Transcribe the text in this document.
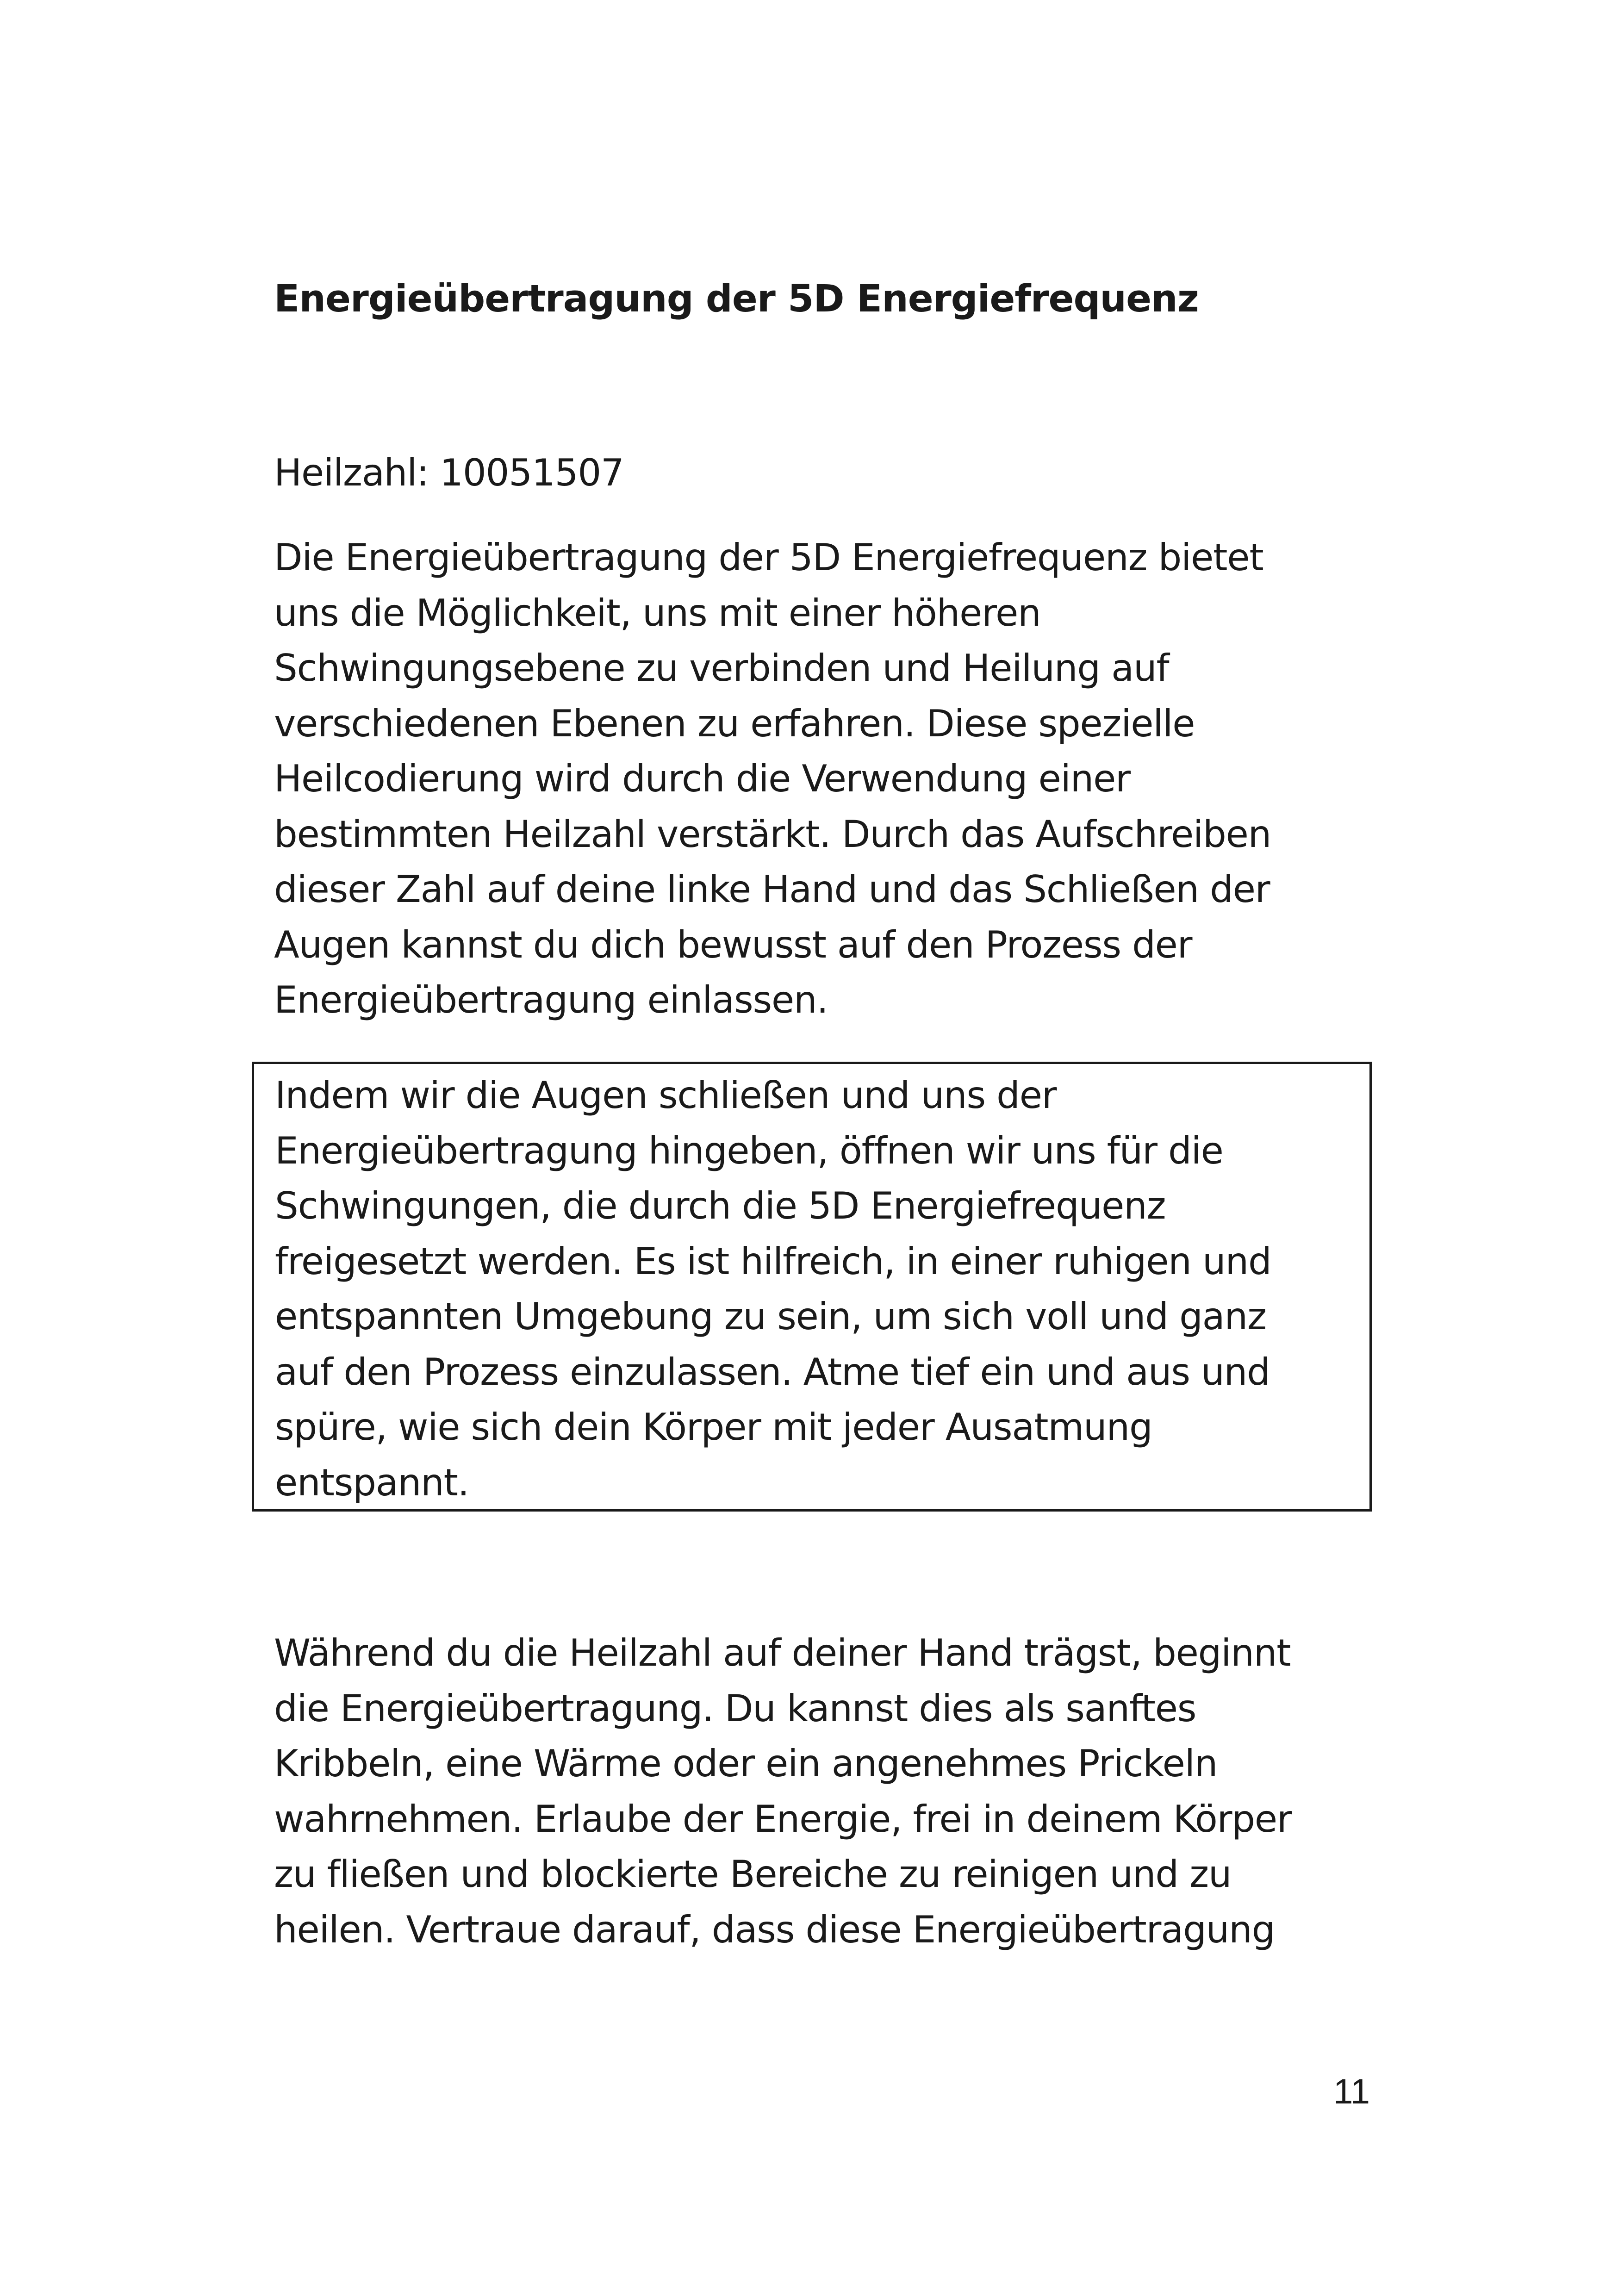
Energieübertragung der 5D Energiefrequenz
Heilzahl: 10051507
Die Energieübertragung der 5D Energiefrequenz bietet
uns die Möglichkeit, uns mit einer höheren
Schwingungsebene zu verbinden und Heilung auf
verschiedenen Ebenen zu erfahren. Diese spezielle
Heilcodierung wird durch die Verwendung einer
bestimmten Heilzahl verstärkt. Durch das Aufschreiben
dieser Zahl auf deine linke Hand und das Schließen der
Augen kannst du dich bewusst auf den Prozess der
Energieübertragung einlassen.
Indem wir die Augen schließen und uns der
Energieübertragung hingeben, öffnen wir uns für die
Schwingungen, die durch die 5D Energiefrequenz
freigesetzt werden. Es ist hilfreich, in einer ruhigen und
entspannten Umgebung zu sein, um sich voll und ganz
auf den Prozess einzulassen. Atme tief ein und aus und
spüre, wie sich dein Körper mit jeder Ausatmung
entspannt.
Während du die Heilzahl auf deiner Hand trägst, beginnt
die Energieübertragung. Du kannst dies als sanftes
Kribbeln, eine Wärme oder ein angenehmes Prickeln
wahrnehmen. Erlaube der Energie, frei in deinem Körper
zu fließen und blockierte Bereiche zu reinigen und zu
heilen. Vertraue darauf, dass diese Energieübertragung
11
